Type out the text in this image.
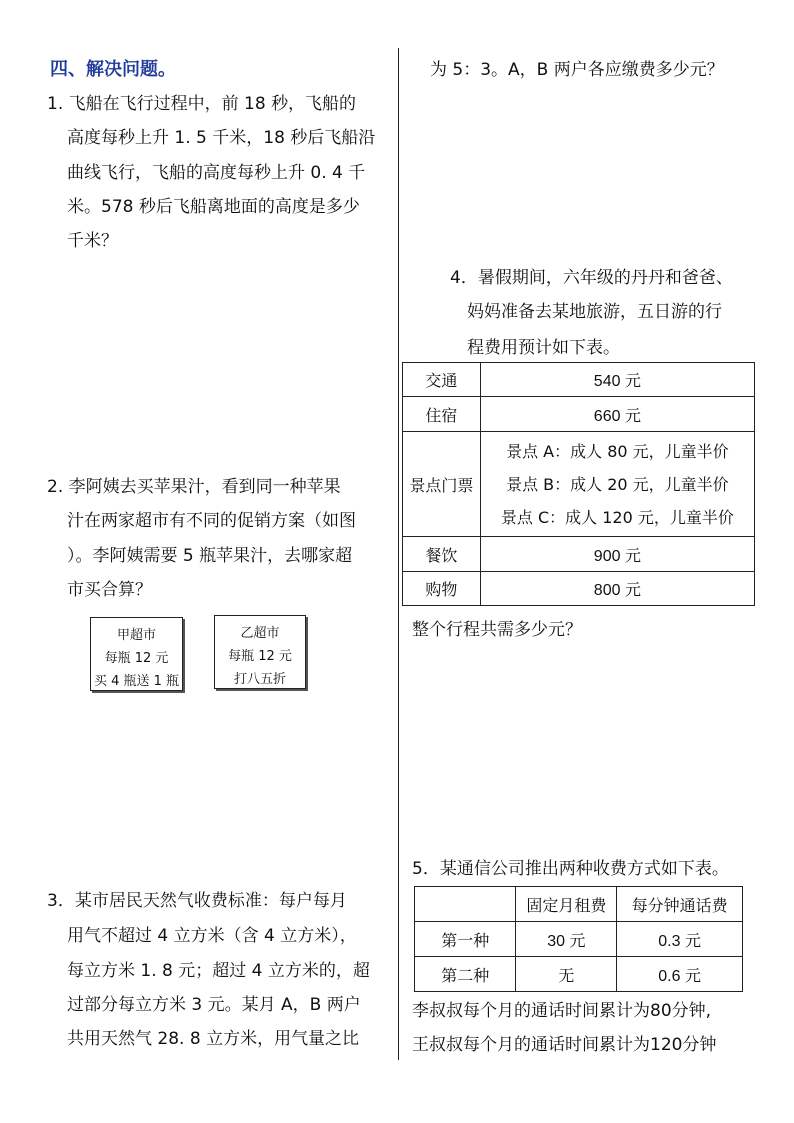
四、解决问题。
1. 飞船在飞行过程中，前 18 秒，飞船的
高度每秒上升 1. 5 千米，18 秒后飞船沿
曲线飞行，飞船的高度每秒上升 0. 4 千
米。578 秒后飞船离地面的高度是多少
千米？
2. 李阿姨去买苹果汁，看到同一种苹果
汁在两家超市有不同的促销方案（如图
）。李阿姨需要 5 瓶苹果汁，去哪家超
市买合算？
甲超市
每瓶 12 元
买 4 瓶送 1 瓶
乙超市
每瓶 12 元
打八五折
3．某市居民天然气收费标准：每户每月
用气不超过 4 立方米（含 4 立方米），
每立方米 1. 8 元；超过 4 立方米的，超
过部分每立方米 3 元。某月 A，B 两户
共用天然气 28. 8 立方米，用气量之比
为 5：3。A，B 两户各应缴费多少元？
4．暑假期间，六年级的丹丹和爸爸、
妈妈准备去某地旅游，五日游的行
程费用预计如下表。
交通	540 元
住宿	660 元
景点门票	景点 A：成人 80 元，儿童半价
景点 B：成人 20 元，儿童半价
景点 C：成人 120 元，儿童半价

餐饮	900 元
购物	800 元
整个行程共需多少元？
5．某通信公司推出两种收费方式如下表。
	固定月租费	每分钟通话费
第一种	30 元	0.3 元
第二种	无	0.6 元
李叔叔每个月的通话时间累计为80分钟,
王叔叔每个月的通话时间累计为120分钟
